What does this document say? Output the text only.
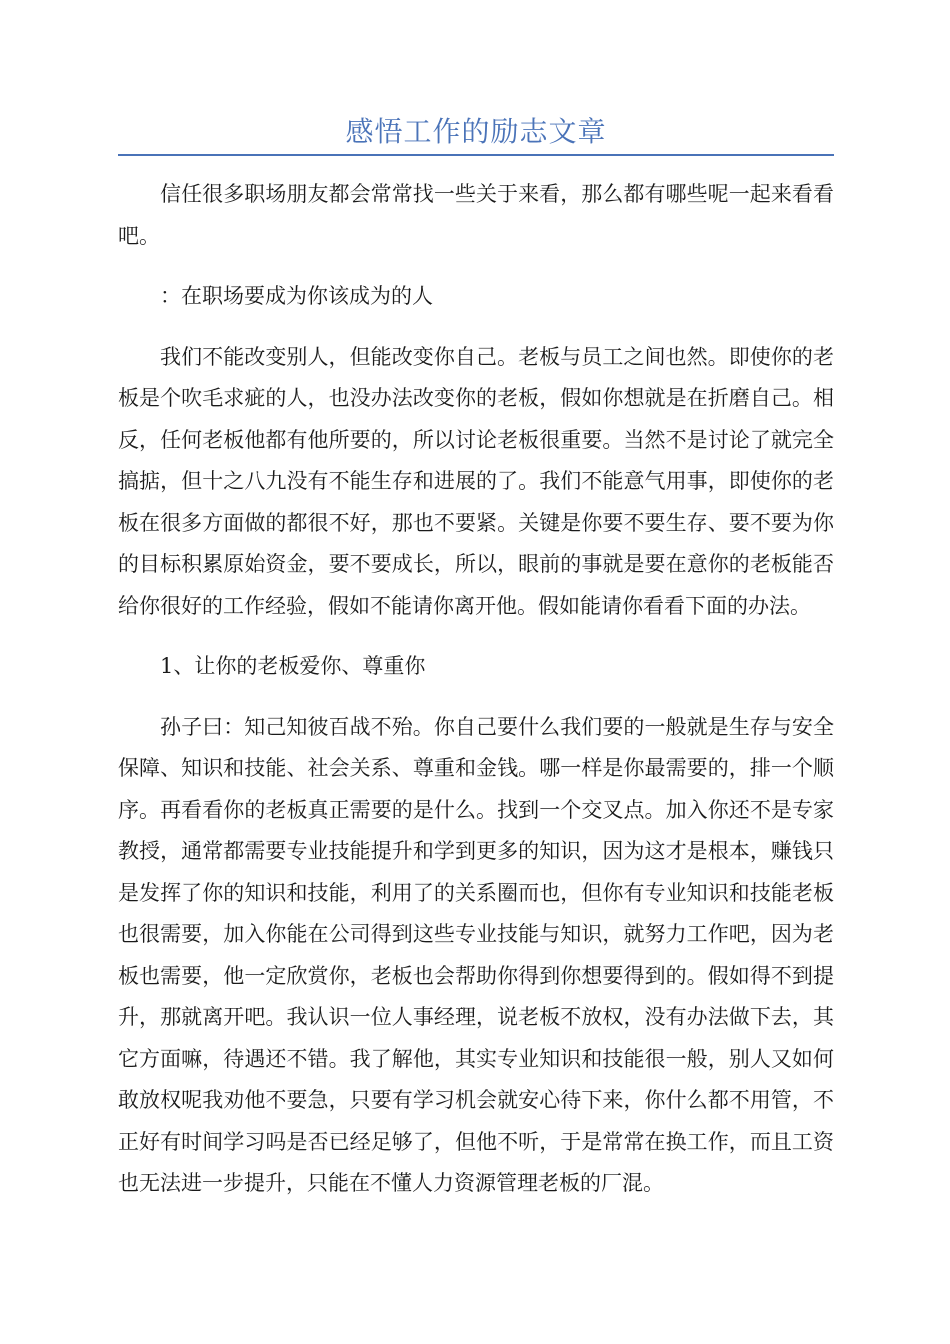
感悟工作的励志文章

信任很多职场朋友都会常常找一些关于来看，那么都有哪些呢一起来看看吧。

：在职场要成为你该成为的人

我们不能改变别人，但能改变你自己。老板与员工之间也然。即使你的老板是个吹毛求疵的人，也没办法改变你的老板，假如你想就是在折磨自己。相反，任何老板他都有他所要的，所以讨论老板很重要。当然不是讨论了就完全搞掂，但十之八九没有不能生存和进展的了。我们不能意气用事，即使你的老板在很多方面做的都很不好，那也不要紧。关键是你要不要生存、要不要为你的目标积累原始资金，要不要成长，所以，眼前的事就是要在意你的老板能否给你很好的工作经验，假如不能请你离开他。假如能请你看看下面的办法。

1、让你的老板爱你、尊重你

孙子曰：知己知彼百战不殆。你自己要什么我们要的一般就是生存与安全保障、知识和技能、社会关系、尊重和金钱。哪一样是你最需要的，排一个顺序。再看看你的老板真正需要的是什么。找到一个交叉点。加入你还不是专家教授，通常都需要专业技能提升和学到更多的知识，因为这才是根本，赚钱只是发挥了你的知识和技能，利用了的关系圈而也，但你有专业知识和技能老板也很需要，加入你能在公司得到这些专业技能与知识，就努力工作吧，因为老板也需要，他一定欣赏你，老板也会帮助你得到你想要得到的。假如得不到提升，那就离开吧。我认识一位人事经理，说老板不放权，没有办法做下去，其它方面嘛，待遇还不错。我了解他，其实专业知识和技能很一般，别人又如何敢放权呢我劝他不要急，只要有学习机会就安心待下来，你什么都不用管，不正好有时间学习吗是否已经足够了，但他不听，于是常常在换工作，而且工资也无法进一步提升，只能在不懂人力资源管理老板的厂混。
